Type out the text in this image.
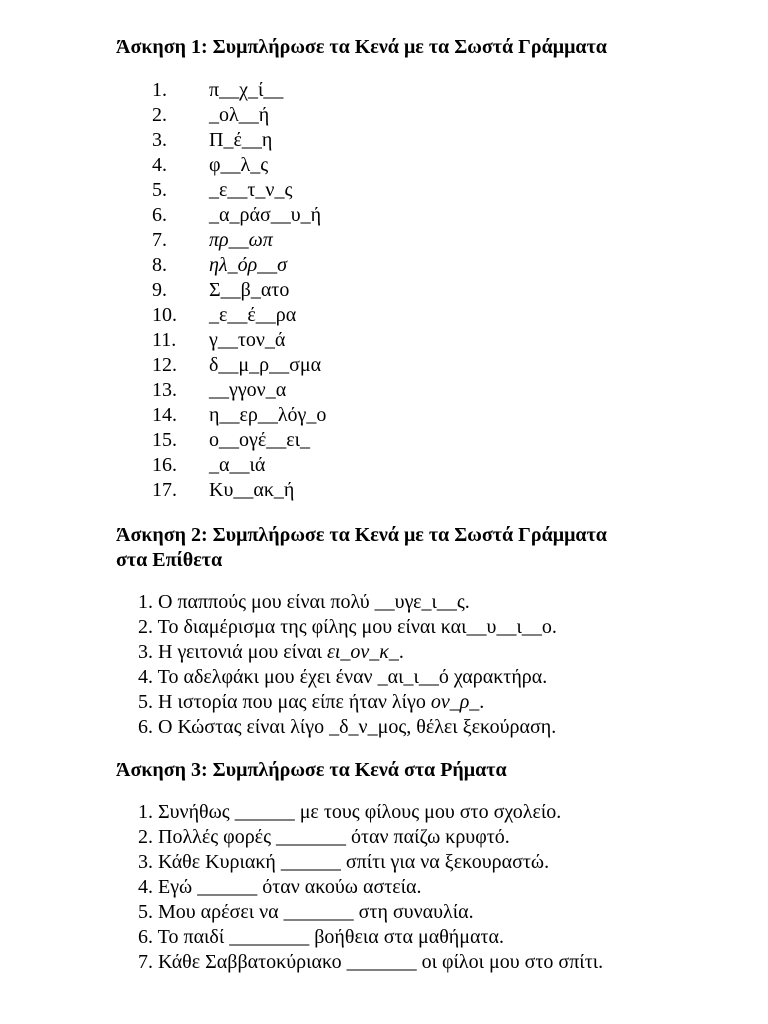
Άσκηση 1: Συμπλήρωσε τα Κενά με τα Σωστά Γράμματα
1.	π__χ_ί__
2.	_ολ__ή
3.	Π_έ__η
4.	φ__λ_ς
5.	_ε__τ_ν_ς
6.	_α_ράσ__υ_ή
7.	πρ__ωπ
8.	ηλ_όρ__σ
9.	Σ__β_ατο
10.	_ε__έ__ρα
11.	γ__τον_ά
12.	δ__μ_ρ__σμα
13.	__γγον_α
14.	η__ερ__λόγ_ο
15.	ο__ογέ__ει_
16.	_α__ιά
17.	Κυ__ακ_ή
Άσκηση 2: Συμπλήρωσε τα Κενά με τα Σωστά Γράμματα
στα Επίθετα
1. Ο παππούς μου είναι πολύ __υγε_ι__ς.
2. Το διαμέρισμα της φίλης μου είναι και__υ__ι__ο.
3. Η γειτονιά μου είναι ει_ον_κ_.
4. Το αδελφάκι μου έχει έναν _αι_ι__ό χαρακτήρα.
5. Η ιστορία που μας είπε ήταν λίγο ον_ρ_.
6. Ο Κώστας είναι λίγο _δ_ν_μος, θέλει ξεκούραση.
Άσκηση 3: Συμπλήρωσε τα Κενά στα Ρήματα
1. Συνήθως ______ με τους φίλους μου στο σχολείο.
2. Πολλές φορές _______ όταν παίζω κρυφτό.
3. Κάθε Κυριακή ______ σπίτι για να ξεκουραστώ.
4. Εγώ ______ όταν ακούω αστεία.
5. Μου αρέσει να _______ στη συναυλία.
6. Το παιδί ________ βοήθεια στα μαθήματα.
7. Κάθε Σαββατοκύριακο _______ οι φίλοι μου στο σπίτι.
